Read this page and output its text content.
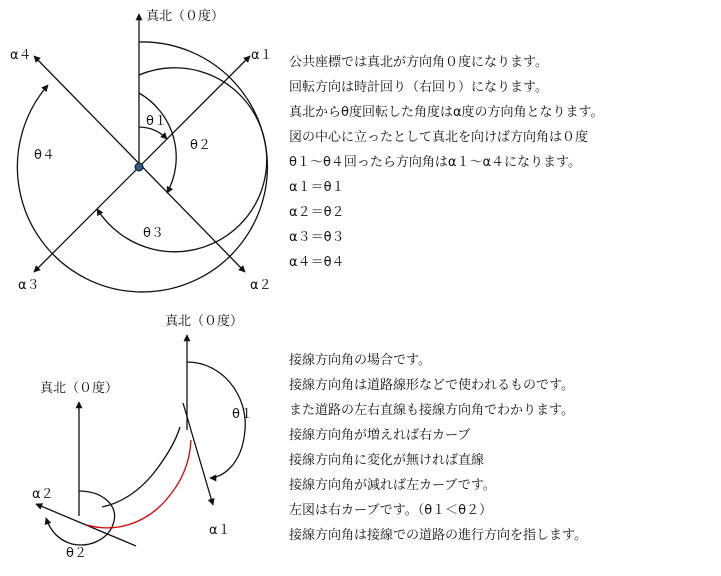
真北（０度）
α１
α２
α３
α４
θ１
θ２
θ３
θ４
真北（０度）
真北（０度）
α２
α１
θ２
θ１
公共座標では真北が方向角０度になります。
回転方向は時計回り（右回り）になります。
真北からθ度回転した角度はα度の方向角となります。
図の中心に立ったとして真北を向けば方向角は０度
θ１～θ４回ったら方向角はα１～α４になります。
α１＝θ１
α２＝θ２
α３＝θ３
α４＝θ４
接線方向角の場合です。
接線方向角は道路線形などで使われるものです。
また道路の左右直線も接線方向角でわかります。
接線方向角が増えれば右カーブ
接線方向角に変化が無ければ直線
接線方向角が減れば左カーブです。
左図は右カーブです。（θ１＜θ２）
接線方向角は接線での道路の進行方向を指します。
